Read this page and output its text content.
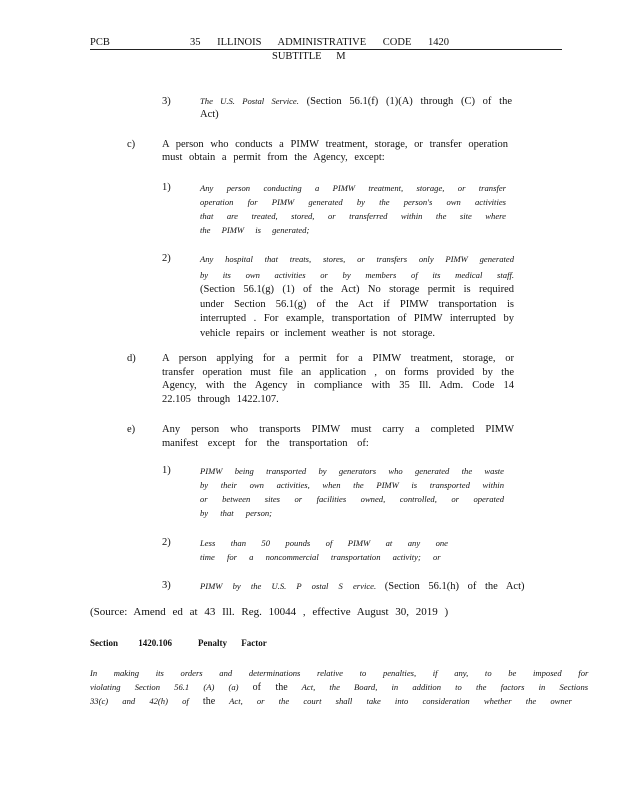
PCB	35 ILLINOIS ADMINISTRATIVE CODE 1420
SUBTITLE M
3)	The U.S. Postal Service. (Section 56.1(f) (1)(A) through (C) of the Act)
c)	A person who conducts a PIMW treatment, storage, or transfer operation must obtain a permit from the Agency, except:
1)	Any person conducting a PIMW treatment, storage, or transfer operation for PIMW generated by the person's own activities that are treated, stored, or transferred within the site where the PIMW is generated;
2)	Any hospital that treats, stores, or transfers only PIMW generated by its own activities or by members of its medical staff. (Section 56.1(g) (1) of the Act) No storage permit is required under Section 56.1(g) of the Act if PIMW transportation is interrupted . For example, transportation of PIMW interrupted by vehicle repairs or inclement weather is not storage.
d)	A person applying for a permit for a PIMW treatment, storage, or transfer operation must file an application , on forms provided by the Agency, with the Agency in compliance with 35 Ill. Adm. Code 14 22.105 through 1422.107.
e)	Any person who transports PIMW must carry a completed PIMW manifest except for the transportation of:
1)	PIMW being transported by generators who generated the waste by their own activities, when the PIMW is transported within or between sites or facilities owned, controlled, or operated by that person;
2)	Less than 50 pounds of PIMW at any one time for a noncommercial transportation activity; or
3)	PIMW by the U.S. P ostal S ervice. (Section 56.1(h) of the Act)
(Source: Amend ed at 43 Ill. Reg. 10044 , effective August 30, 2019 )
Section 1420.106	Penalty Factor
In making its orders and determinations relative to penalties, if any, to be imposed for
violating Section 56.1 (A) (a) of the Act, the Board, in addition to the factors in Sections
33(c) and 42(h) of the Act, or the court shall take into consideration whether the owner
